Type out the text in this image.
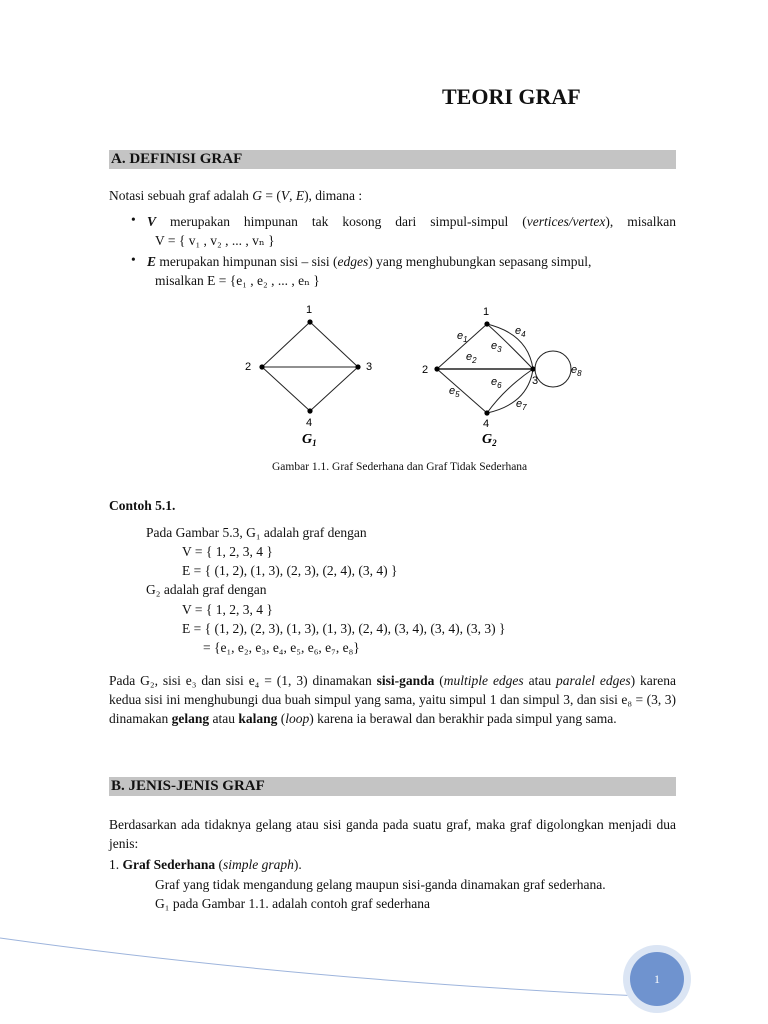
TEORI GRAF
A. DEFINISI GRAF
Notasi sebuah graf adalah G = (V, E), dimana :
• V merupakan himpunan tak kosong dari simpul-simpul (vertices/vertex), misalkan
V = { v₁ , v₂ , ... , vₙ }
• E merupakan himpunan sisi – sisi (edges) yang menghubungkan sepasang simpul,
misalkan E = {e₁ , e₂ , ... , eₙ }
1
2	3
4
$G_1$
1
2
3
4
$e_1$
$e_2$
$e_3$
$e_4$
$e_5$
$e_6$
$e_7$
$e_8$
$G_2$
Gambar 1.1. Graf Sederhana dan Graf Tidak Sederhana
Contoh 5.1.
Pada Gambar 5.3, G₁ adalah graf dengan
V = { 1, 2, 3, 4 }
E = { (1, 2), (1, 3), (2, 3), (2, 4), (3, 4) }
G₂ adalah graf dengan
V = { 1, 2, 3, 4 }
E = { (1, 2), (2, 3), (1, 3), (1, 3), (2, 4), (3, 4), (3, 4), (3, 3) }
= {e₁, e₂, e₃, e₄, e₅, e₆, e₇, e₈}
Pada G₂, sisi e₃ dan sisi e₄ = (1, 3) dinamakan sisi-ganda (multiple edges atau paralel edges) karena kedua sisi ini menghubungi dua buah simpul yang sama, yaitu simpul 1 dan simpul 3, dan sisi e₈ = (3, 3) dinamakan gelang atau kalang (loop) karena ia berawal dan berakhir pada simpul yang sama.
B. JENIS-JENIS GRAF
Berdasarkan ada tidaknya gelang atau sisi ganda pada suatu graf, maka graf digolongkan menjadi dua jenis:
1. Graf Sederhana (simple graph).
Graf yang tidak mengandung gelang maupun sisi-ganda dinamakan graf sederhana.
G₁ pada Gambar 1.1. adalah contoh graf sederhana
1
